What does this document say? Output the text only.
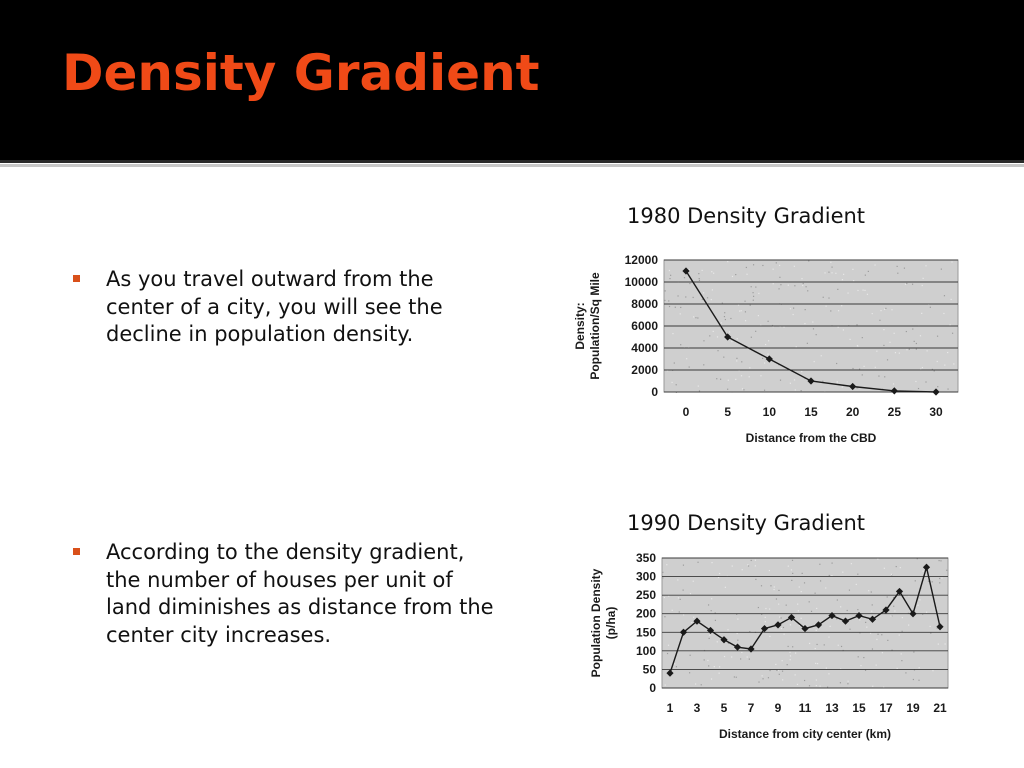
Density Gradient
As you travel outward from the center of a city, you will see the decline in population density.
According to the density gradient, the number of houses per unit of land diminishes as distance from the center city increases.
1980 Density Gradient
1990 Density Gradient
0
2000
4000
6000
8000
10000
12000
0	5	10 15 20 25 30
Distance from the CBD
Density: Population/Sq Mile
0
50
100
150
200
250
300
350
1 3 5 7 9 11 13 15 17 19 21
Distance from city center (km)
Population Density (p/ha)
